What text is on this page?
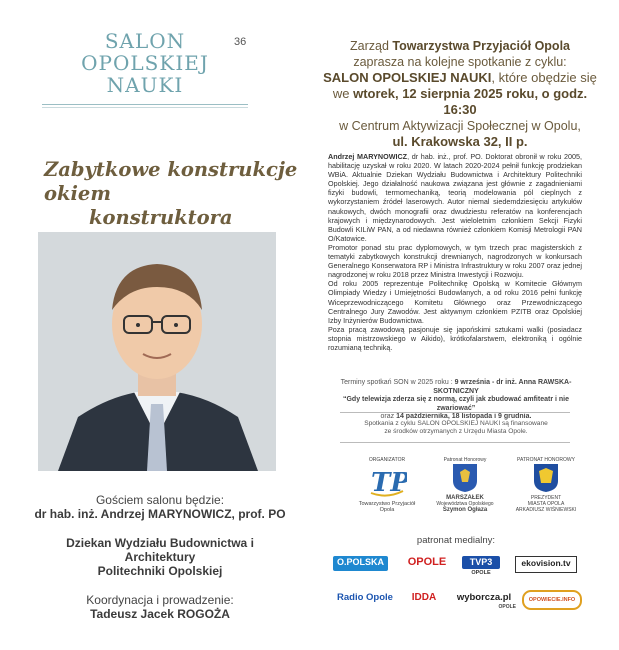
SALON
OPOLSKIEJ
NAUKI
36	Zarząd Towarzystwa Przyjaciół Opola
zaprasza na kolejne spotkanie z cyklu:
SALON OPOLSKIEJ NAUKI, które obędzie się
we wtorek, 12 sierpnia 2025 roku, o godz. 16:30
w Centrum Aktywizacji Społecznej w Opolu,
ul. Krakowska 32, II p.
Zabytkowe konstrukcje okiem
konstruktora

Andrzej MARYNOWICZ, dr hab. inż., prof. PO. Doktorat obronił w roku 2005, habilitację uzyskał w roku 2020. W latach 2020-2024 pełnił funkcję prodziekan WBiA. Aktualnie Dziekan Wydziału Budownictwa i Architektury Politechniki Opolskiej. Jego działalność naukowa związana jest głównie z zagadnieniami fizyki budowli, termomechaniką, teorią modelowania pól cieplnych z wykorzystaniem źródeł laserowych. Autor niemal siedemdziesięciu artykułów naukowych, dwóch monografii oraz dwudziestu referatów na konferencjach krajowych i międzynarodowych. Jest wieloletnim członkiem Sekcji Fizyki Budowli KILiW PAN, a od niedawna również członkiem Komisji Metrologii PAN O/Katowice.

Promotor ponad stu prac dyplomowych, w tym trzech prac magisterskich z tematyki zabytkowych konstrukcji drewnianych, nagrodzonych w konkursach Generalnego Konserwatora RP i Ministra Infrastruktury w roku 2007 oraz jednej nagrodzonej w roku 2018 przez Ministra Inwestycji i Rozwoju.

Od roku 2005 reprezentuje Politechnikę Opolską w Komitecie Głównym Olimpiady Wiedzy i Umiejętności Budowlanych, a od roku 2016 pełni funkcję Wiceprzewodniczącego Komitetu Głównego oraz Przewodniczącego Centralnego Jury Zawodów. Jest aktywnym członkiem PZITB oraz Opolskiej Izby Inżynierów Budownictwa.

Poza pracą zawodową pasjonuje się japońskimi sztukami walki (posiadacz stopnia mistrzowskiego w Aikido), krótkofalarstwem, elektroniką i ogólnie rozumianą techniką.

Terminy spotkań SON w 2025 roku : 9 września - dr inż. Anna RAWSKA-SKOTNICZNY
“Gdy telewizja zderza się z normą, czyli jak zbudować amfiteatr i nie zwariować”
oraz 14 października, 18 listopada i 9 grudnia.
Spotkania z cyklu SALON OPOLSKIEJ NAUKI są finansowane
ze środków otrzymanych z Urzędu Miasta Opole.
ORGANIZATOR
TP
Towarzystwo Przyjaciół Opola
Patronat Honorowy
MARSZAŁEK
Województwa Opolskiego
Szymon Ogłaza
PATRONAT HONOROWY
PREZYDENT
MIASTA OPOLA
ARKADIUSZ WIŚNIEWSKI
Gościem salonu będzie:
dr hab. inż. Andrzej MARYNOWICZ, prof. PO
Dziekan Wydziału Budownictwa i Architektury
Politechniki Opolskiej
Koordynacja i prowadzenie:
Tadeusz Jacek ROGOŻA
patronat medialny:
O.POLSKA	OPOLE	TVP3
OPOLE
ekovision.tv
Radio Opole	IDDA	wyborcza.pl
OPOLE
OPOWIECIE.INFO
